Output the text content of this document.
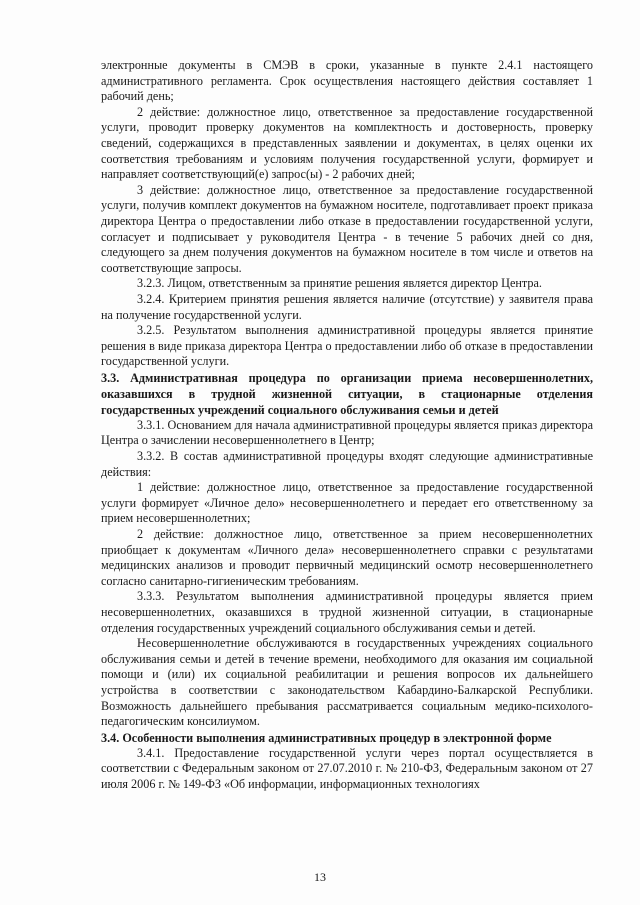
электронные документы в СМЭВ в сроки, указанные в пункте 2.4.1 настоящего административного регламента. Срок осуществления настоящего действия составляет 1 рабочий день;

2 действие: должностное лицо, ответственное за предоставление государственной услуги, проводит проверку документов на комплектность и достоверность, проверку сведений, содержащихся в представленных заявлении и документах, в целях оценки их соответствия требованиям и условиям получения государственной услуги, формирует и направляет соответствующий(е) запрос(ы) - 2 рабочих дней;

3 действие: должностное лицо, ответственное за предоставление государственной услуги, получив комплект документов на бумажном носителе, подготавливает проект приказа директора Центра о предоставлении либо отказе в предоставлении государственной услуги, согласует и подписывает у руководителя Центра - в течение 5 рабочих дней со дня, следующего за днем получения документов на бумажном носителе в том числе и ответов на соответствующие запросы.

3.2.3. Лицом, ответственным за принятие решения является директор Центра.

3.2.4. Критерием принятия решения является наличие (отсутствие) у заявителя права на получение государственной услуги.

3.2.5. Результатом выполнения административной процедуры является принятие решения в виде приказа директора Центра о предоставлении либо об отказе в предоставлении государственной услуги.

3.3. Административная процедура по организации приема несовершеннолетних, оказавшихся в трудной жизненной ситуации, в стационарные отделения государственных учреждений социального обслуживания семьи и детей

3.3.1. Основанием для начала административной процедуры является приказ директора Центра о зачислении несовершеннолетнего в Центр;

3.3.2. В состав административной процедуры входят следующие административные действия:

1 действие: должностное лицо, ответственное за предоставление государственной услуги формирует «Личное дело» несовершеннолетнего и передает его ответственному за прием несовершеннолетних;

2 действие: должностное лицо, ответственное за прием несовершеннолетних приобщает к документам «Личного дела» несовершеннолетнего справки с результатами медицинских анализов и проводит первичный медицинский осмотр несовершеннолетнего согласно санитарно-гигиеническим требованиям.

3.3.3. Результатом выполнения административной процедуры является прием несовершеннолетних, оказавшихся в трудной жизненной ситуации, в стационарные отделения государственных учреждений социального обслуживания семьи и детей.

Несовершеннолетние обслуживаются в государственных учреждениях социального обслуживания семьи и детей в течение времени, необходимого для оказания им социальной помощи и (или) их социальной реабилитации и решения вопросов их дальнейшего устройства в соответствии с законодательством Кабардино-Балкарской Республики. Возможность дальнейшего пребывания рассматривается социальным медико-психолого-педагогическим консилиумом.

3.4. Особенности выполнения административных процедур в электронной форме

3.4.1. Предоставление государственной услуги через портал осуществляется в соответствии с Федеральным законом от 27.07.2010 г. № 210-ФЗ, Федеральным законом от 27 июля 2006 г. № 149-ФЗ «Об информации, информационных технологиях

13
